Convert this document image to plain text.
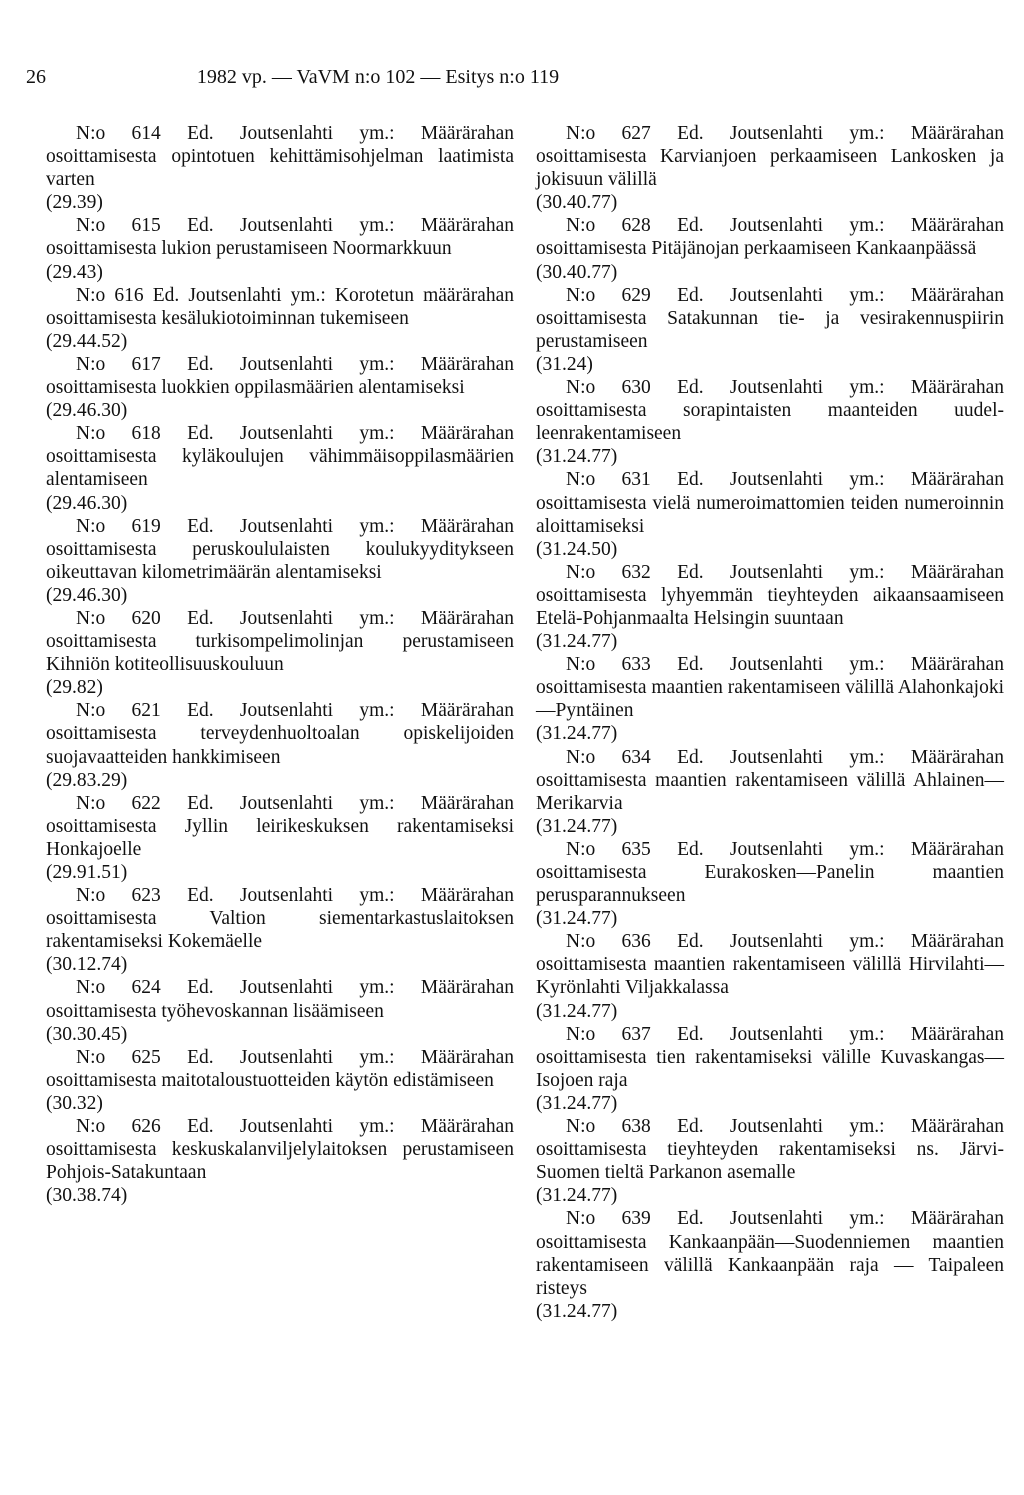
26	1982 vp. — VaVM n:o 102 — Esitys n:o 119
N:o 614 Ed. Joutsenlahti ym.: Määrärahan osoittamisesta opintotuen kehittämisohjelman laatimista varten
(29.39)
N:o 615 Ed. Joutsenlahti ym.: Määrärahan osoittamisesta lukion perustamiseen Noormarkkuun
(29.43)
N:o 616 Ed. Joutsenlahti ym.: Korotetun määrärahan osoittamisesta kesälukiotoiminnan tukemiseen
(29.44.52)
N:o 617 Ed. Joutsenlahti ym.: Määrärahan osoittamisesta luokkien oppilasmäärien alentamiseksi
(29.46.30)
N:o 618 Ed. Joutsenlahti ym.: Määrärahan osoittamisesta kyläkoulujen vähimmäisoppilasmäärien alentamiseen
(29.46.30)
N:o 619 Ed. Joutsenlahti ym.: Määrärahan osoittamisesta peruskoululaisten koulukyyditykseen oikeuttavan kilometrimäärän alentamiseksi
(29.46.30)
N:o 620 Ed. Joutsenlahti ym.: Määrärahan osoittamisesta turkisompelimolinjan perustamiseen Kihniön kotiteollisuuskouluun
(29.82)
N:o 621 Ed. Joutsenlahti ym.: Määrärahan osoittamisesta terveydenhuoltoalan opiskelijoiden suojavaatteiden hankkimiseen
(29.83.29)
N:o 622 Ed. Joutsenlahti ym.: Määrärahan osoittamisesta Jyllin leirikeskuksen rakentamiseksi Honkajoelle
(29.91.51)
N:o 623 Ed. Joutsenlahti ym.: Määrärahan osoittamisesta Valtion siementarkastuslaitoksen rakentamiseksi Kokemäelle
(30.12.74)
N:o 624 Ed. Joutsenlahti ym.: Määrärahan osoittamisesta työhevoskannan lisäämiseen
(30.30.45)
N:o 625 Ed. Joutsenlahti ym.: Määrärahan osoittamisesta maitotaloustuotteiden käytön edistämiseen
(30.32)
N:o 626 Ed. Joutsenlahti ym.: Määrärahan osoittamisesta keskuskalanviljelylaitoksen perustamiseen Pohjois-Satakuntaan
(30.38.74)
N:o 627 Ed. Joutsenlahti ym.: Määrärahan osoittamisesta Karvianjoen perkaamiseen Lankosken ja jokisuun välillä
(30.40.77)
N:o 628 Ed. Joutsenlahti ym.: Määrärahan osoittamisesta Pitäjänojan perkaamiseen Kankaanpäässä
(30.40.77)
N:o 629 Ed. Joutsenlahti ym.: Määrärahan osoittamisesta Satakunnan tie- ja vesirakennuspiirin perustamiseen
(31.24)
N:o 630 Ed. Joutsenlahti ym.: Määrärahan osoittamisesta sorapintaisten maanteiden uudelleenrakentamiseen
(31.24.77)
N:o 631 Ed. Joutsenlahti ym.: Määrärahan osoittamisesta vielä numeroimattomien teiden numeroinnin aloittamiseksi
(31.24.50)
N:o 632 Ed. Joutsenlahti ym.: Määrärahan osoittamisesta lyhyemmän tieyhteyden aikaansaamiseen Etelä-Pohjanmaalta Helsingin suuntaan
(31.24.77)
N:o 633 Ed. Joutsenlahti ym.: Määrärahan osoittamisesta maantien rakentamiseen välillä Alahonkajoki—Pyntäinen
(31.24.77)
N:o 634 Ed. Joutsenlahti ym.: Määrärahan osoittamisesta maantien rakentamiseen välillä Ahlainen—Merikarvia
(31.24.77)
N:o 635 Ed. Joutsenlahti ym.: Määrärahan osoittamisesta Eurakosken—Panelin maantien perusparannukseen
(31.24.77)
N:o 636 Ed. Joutsenlahti ym.: Määrärahan osoittamisesta maantien rakentamiseen välillä Hirvilahti—Kyrönlahti Viljakkalassa
(31.24.77)
N:o 637 Ed. Joutsenlahti ym.: Määrärahan osoittamisesta tien rakentamiseksi välille Kuvaskangas—Isojoen raja
(31.24.77)
N:o 638 Ed. Joutsenlahti ym.: Määrärahan osoittamisesta tieyhteyden rakentamiseksi ns. Järvi-Suomen tieltä Parkanon asemalle
(31.24.77)
N:o 639 Ed. Joutsenlahti ym.: Määrärahan osoittamisesta Kankaanpään—Suodenniemen maantien rakentamiseen välillä Kankaanpään raja — Taipaleen risteys
(31.24.77)
